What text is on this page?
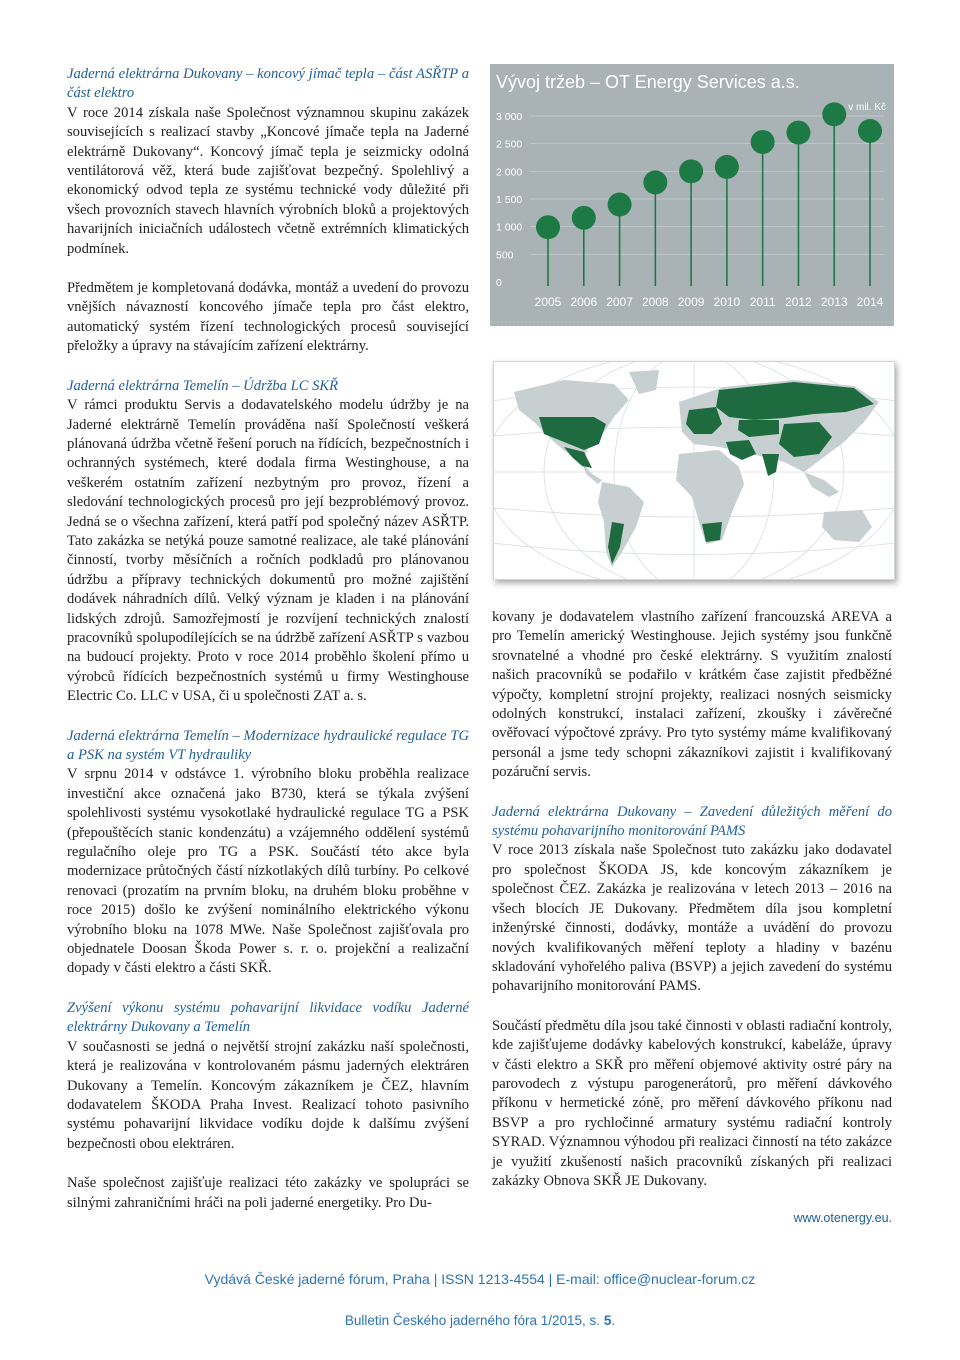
Jaderná elektrárna Dukovany – koncový jímač tepla – část ASŘTP a část elektro
V roce 2014 získala naše Společnost významnou skupinu zakázek souvisejících s realizací stavby „Koncové jímače tepla na Jaderné elektrárně Dukovany“. Koncový jímač tepla je seizmicky odolná ventilátorová věž, která bude zajišťovat bezpečný. Spolehlivý a ekonomický odvod tepla ze systému technické vody důležité při všech provozních stavech hlavních výrobních bloků a projektových havarijních iniciačních událostech včetně extrémních klimatických podmínek.

Předmětem je kompletovaná dodávka, montáž a uvedení do provozu vnějších návazností koncového jímače tepla pro část elektro, automatický systém řízení technologických procesů související přeložky a úpravy na stávajícím zařízení elektrárny.

Jaderná elektrárna Temelín – Údržba LC SKŘ
V rámci produktu Servis a dodavatelského modelu údržby je na Jaderné elektrárně Temelín prováděna naší Společností veškerá plánovaná údržba včetně řešení poruch na řídících, bezpečnostních i ochranných systémech, které dodala firma Westinghouse, a na veškerém ostatním zařízení nezbytným pro provoz, řízení a sledování technologických procesů pro její bezproblémový provoz. Jedná se o všechna zařízení, která patří pod společný název ASŘTP. Tato zakázka se netýká pouze samotné realizace, ale také plánování činností, tvorby měsíčních a ročních podkladů pro plánovanou údržbu a přípravy technických dokumentů pro možné zajištění dodávek náhradních dílů. Velký význam je kladen i na plánování lidských zdrojů. Samozřejmostí je rozvíjení technických znalostí pracovníků spolupodílejících se na údržbě zařízení ASŘTP s vazbou na budoucí projekty. Proto v roce 2014 proběhlo školení přímo u výrobců řídících bezpečnostních systémů u firmy Westinghouse Electric Co. LLC v USA, či u společnosti ZAT a. s.

Jaderná elektrárna Temelín – Modernizace hydraulické regulace TG a PSK na systém VT hydrauliky
V srpnu 2014 v odstávce 1. výrobního bloku proběhla realizace investiční akce označená jako B730, která se týkala zvýšení spolehlivosti systému vysokotlaké hydraulické regulace TG a PSK (přepouštěcích stanic kondenzátu) a vzájemného oddělení systémů regulačního oleje pro TG a PSK. Součástí této akce byla modernizace průtočných částí nízkotlakých dílů turbíny. Po celkové renovaci (prozatím na prvním bloku, na druhém bloku proběhne v roce 2015) došlo ke zvýšení nominálního elektrického výkonu výrobního bloku na 1078 MWe. Naše Společnost zajišťovala pro objednatele Doosan Škoda Power s. r. o. projekční a realizační dopady v části elektro a části SKŘ.

Zvýšení výkonu systému pohavarijní likvidace vodíku Jaderné elektrárny Dukovany a Temelín
V současnosti se jedná o největší strojní zakázku naší společnosti, která je realizována v kontrolovaném pásmu jaderných elektráren Dukovany a Temelín. Koncovým zákazníkem je ČEZ, hlavním dodavatelem ŠKODA Praha Invest. Realizací tohoto pasivního systému pohavarijní likvidace vodíku dojde k dalšímu zvýšení bezpečnosti obou elektráren.

Naše společnost zajišťuje realizaci této zakázky ve spolupráci se silnými zahraničními hráči na poli jaderné energetiky. Pro Du-

Vývoj tržeb – OT Energy Services a.s.
v mil. Kč
0
500
1 000
1 500
2 000
2 500
3 000
2005 2006 2007 2008 2009 2010 2011 2012 2013 2014

kovany je dodavatelem vlastního zařízení francouzská AREVA a pro Temelín americký Westinghouse. Jejich systémy jsou funkčně srovnatelné a vhodné pro české elektrárny. S využitím znalostí našich pracovníků se podařilo v krátkém čase zajistit předběžné výpočty, kompletní strojní projekty, realizaci nosných seismicky odolných konstrukcí, instalaci zařízení, zkoušky i závěrečné ověřovací výpočtové zprávy. Pro tyto systémy máme kvalifikovaný personál a jsme tedy schopni zákazníkovi zajistit i kvalifikovaný pozáruční servis.

Jaderná elektrárna Dukovany – Zavedení důležitých měření do systému pohavarijního monitorování PAMS
V roce 2013 získala naše Společnost tuto zakázku jako dodavatel pro společnost ŠKODA JS, kde koncovým zákazníkem je společnost ČEZ. Zakázka je realizována v letech 2013 – 2016 na všech blocích JE Dukovany. Předmětem díla jsou kompletní inženýrské činnosti, dodávky, montáže a uvádění do provozu nových kvalifikovaných měření teploty a hladiny v bazénu skladování vyhořelého paliva (BSVP) a jejich zavedení do systému pohavarijního monitorování PAMS.

Součástí předmětu díla jsou také činnosti v oblasti radiační kontroly, kde zajišťujeme dodávky kabelových konstrukcí, kabeláže, úpravy v části elektro a SKŘ pro měření objemové aktivity ostré páry na parovodech z výstupu parogenerátorů, pro měření dávkového příkonu v hermetické zóně, pro měření dávkového příkonu nad BSVP a pro rychločinné armatury systému radiační kontroly SYRAD. Významnou výhodou při realizaci činností na této zakázce je využití zkušeností našich pracovníků získaných při realizaci zakázky Obnova SKŘ JE Dukovany.

www.otenergy.eu.
Vydává České jaderné fórum, Praha | ISSN 1213-4554 | E-mail: office@nuclear-forum.cz
Bulletin Českého jaderného fóra 1/2015, s. 5.
